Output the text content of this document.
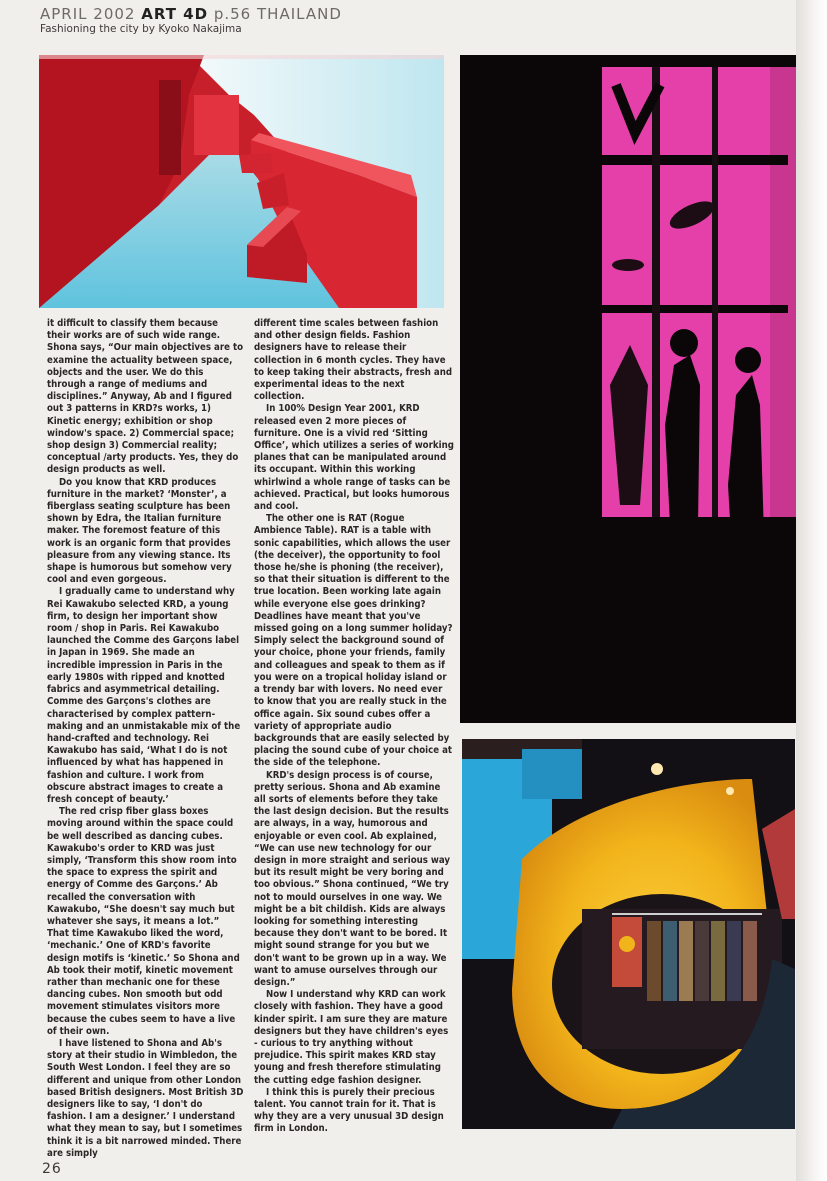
APRIL 2002 ART 4D p.56 THAILAND
Fashioning the city by Kyoko Nakajima

it difficult to classify them because their works are of such wide range. Shona says, “Our main objectives are to examine the actuality between space, objects and the user. We do this through a range of mediums and disciplines.” Anyway, Ab and I figured out 3 patterns in KRD?s works, 1) Kinetic energy; exhibition or shop window's space. 2) Commercial space; shop design 3) Commercial reality; conceptual /arty products. Yes, they do design products as well.

Do you know that KRD produces furniture in the market? ‘Monster’, a fiberglass seating sculpture has been shown by Edra, the Italian furniture maker. The foremost feature of this work is an organic form that provides pleasure from any viewing stance. Its shape is humorous but somehow very cool and even gorgeous.

I gradually came to understand why Rei Kawakubo selected KRD, a young firm, to design her important show room / shop in Paris. Rei Kawakubo launched the Comme des Garçons label in Japan in 1969. She made an incredible impression in Paris in the early 1980s with ripped and knotted fabrics and asymmetrical detailing. Comme des Garçons's clothes are characterised by complex pattern-making and an unmistakable mix of the hand-crafted and technology. Rei Kawakubo has said, ‘What I do is not influenced by what has happened in fashion and culture. I work from obscure abstract images to create a fresh concept of beauty.’

The red crisp fiber glass boxes moving around within the space could be well described as dancing cubes. Kawakubo's order to KRD was just simply, ‘Transform this show room into the space to express the spirit and energy of Comme des Garçons.’ Ab recalled the conversation with Kawakubo, “She doesn't say much but whatever she says, it means a lot.” That time Kawakubo liked the word, ‘mechanic.’ One of KRD's favorite design motifs is ‘kinetic.’ So Shona and Ab took their motif, kinetic movement rather than mechanic one for these dancing cubes. Non smooth but odd movement stimulates visitors more because the cubes seem to have a live of their own.

I have listened to Shona and Ab's story at their studio in Wimbledon, the South West London. I feel they are so different and unique from other London based British designers. Most British 3D designers like to say, ‘I don't do fashion. I am a designer.’ I understand what they mean to say, but I sometimes think it is a bit narrowed minded. There are simply

different time scales between fashion and other design fields. Fashion designers have to release their collection in 6 month cycles. They have to keep taking their abstracts, fresh and experimental ideas to the next collection.

In 100% Design Year 2001, KRD released even 2 more pieces of furniture. One is a vivid red ‘Sitting Office’, which utilizes a series of working planes that can be manipulated around its occupant. Within this working whirlwind a whole range of tasks can be achieved. Practical, but looks humorous and cool.

The other one is RAT (Rogue Ambience Table). RAT is a table with sonic capabilities, which allows the user (the deceiver), the opportunity to fool those he/she is phoning (the receiver), so that their situation is different to the true location. Been working late again while everyone else goes drinking? Deadlines have meant that you've missed going on a long summer holiday? Simply select the background sound of your choice, phone your friends, family and colleagues and speak to them as if you were on a tropical holiday island or a trendy bar with lovers. No need ever to know that you are really stuck in the office again. Six sound cubes offer a variety of appropriate audio backgrounds that are easily selected by placing the sound cube of your choice at the side of the telephone.

KRD's design process is of course, pretty serious. Shona and Ab examine all sorts of elements before they take the last design decision. But the results are always, in a way, humorous and enjoyable or even cool. Ab explained, “We can use new technology for our design in more straight and serious way but its result might be very boring and too obvious.” Shona continued, “We try not to mould ourselves in one way. We might be a bit childish. Kids are always looking for something interesting because they don't want to be bored. It might sound strange for you but we don't want to be grown up in a way. We want to amuse ourselves through our design.”

Now I understand why KRD can work closely with fashion. They have a good kinder spirit. I am sure they are mature designers but they have children's eyes - curious to try anything without prejudice. This spirit makes KRD stay young and fresh therefore stimulating the cutting edge fashion designer.

I think this is purely their precious talent. You cannot train for it. That is why they are a very unusual 3D design firm in London.

26
